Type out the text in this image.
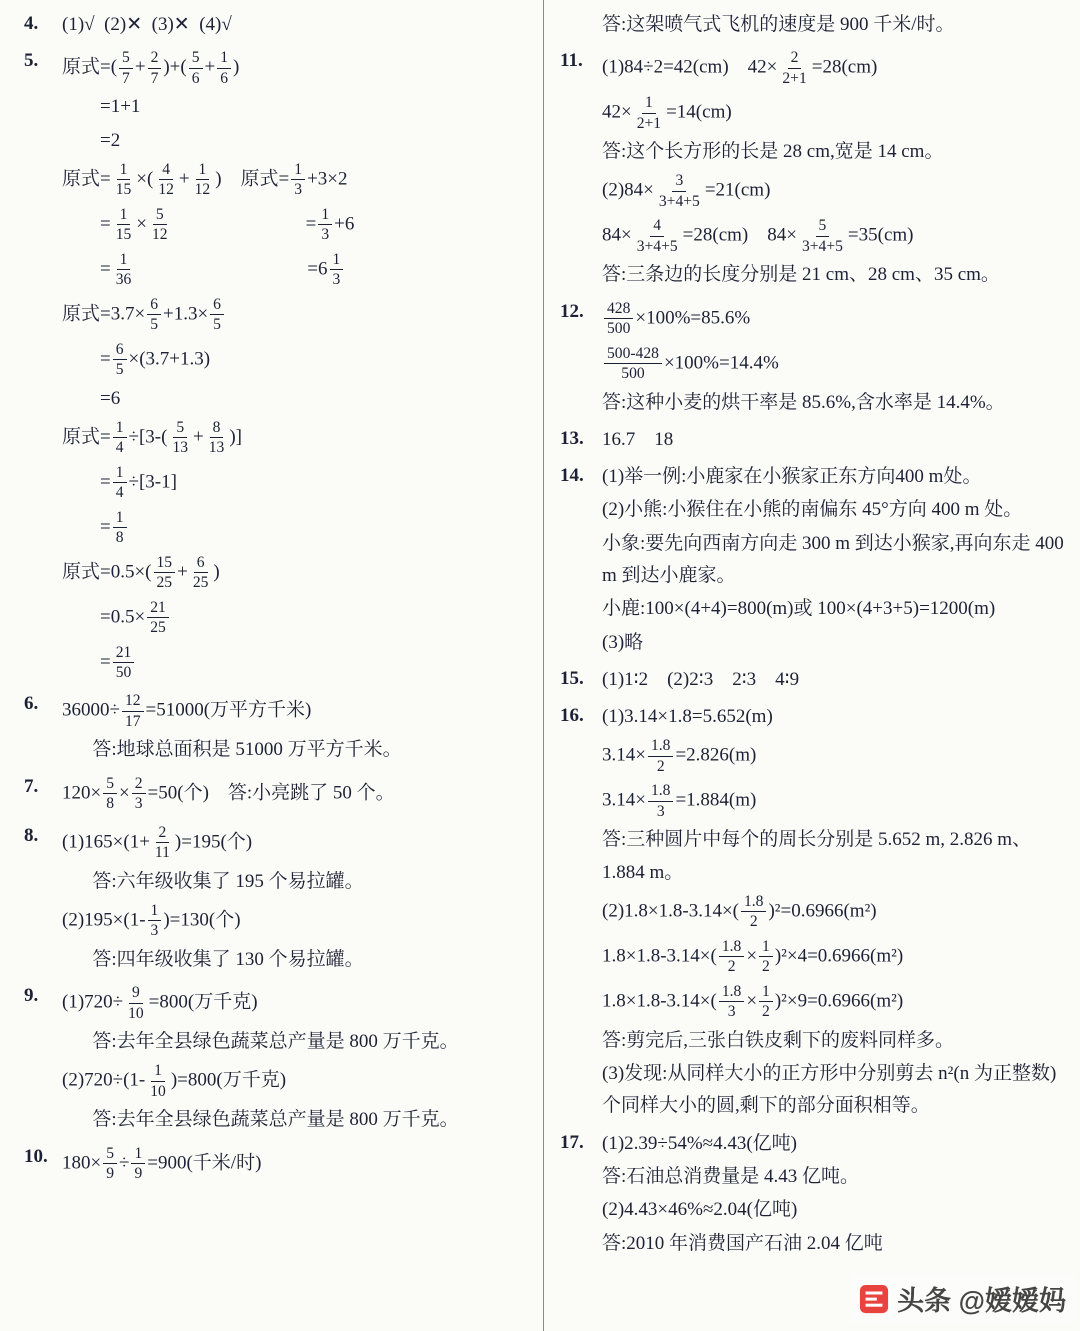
4.	(1)√ (2)✕ (3)✕ (4)√
5.	原式=( $\frac{5}{7} + \frac{2}{7}$ )+( $\frac{5}{6} + \frac{1}{6}$ )
=1+1
=2
原式= $\frac{1}{15}$ ×( $\frac{4}{12} + \frac{1}{12}$ ) 原式= $\frac{1}{3} +3\times 2$
= $\frac{1}{15} \times \frac{5}{12}$        = $\frac{1}{3} +6$
= $\frac{1}{36}$          $=6 \frac{1}{3}$
原式$=3.7\times \frac{6}{5} +1.3\times \frac{6}{5}$
= $\frac{6}{5} \times(3.7+1.3)$
=6
原式= $\frac{1}{4} \div[3-( \frac{5}{13} + \frac{8}{13}$ )]
= $\frac{1}{4} \div[3-1]$
= $\frac{1}{8}$
原式$=0.5\times( \frac{15}{25} + \frac{6}{25}$ )
$=0.5\times \frac{21}{25}$
= $\frac{21}{50}$
6.	$36000\div \frac{12}{17} =51000$(万平方千米)
答:地球总面积是 51000 万平方千米。
7.	$120\times \frac{5}{8} \times \frac{2}{3} =50$(个) 答:小亮跳了 50 个。
8.	$(1)165\times(1+ \frac{2}{11} )=195$(个)
答:六年级收集了 195 个易拉罐。
$(2)195\times(1- \frac{1}{3} )=130$(个)
答:四年级收集了 130 个易拉罐。
9.	$(1)720\div \frac{9}{10} =800$(万千克)
答:去年全县绿色蔬菜总产量是 800 万千克。
$(2)720\div(1- \frac{1}{10} )=800$(万千克)
答:去年全县绿色蔬菜总产量是 800 万千克。
10. $180\times \frac{5}{9} \div \frac{1}{9} =900$(千米/时)
答:这架喷气式飞机的速度是 900 千米/时。
11.	(1)84÷2=42(cm) $42\times \frac{2}{2+1} =28(cm)$
$42\times \frac{1}{2+1} =14(cm)$
答:这个长方形的长是 28 cm,宽是 14 cm。
$(2)84\times \frac{3}{3+4+5} =21(cm)$
$84\times \frac{4}{3+4+5} =28(cm)$ $84\times \frac{5}{3+4+5} =35(cm)$
答:三条边的长度分别是 21 cm、28 cm、35 cm。
12.	$\frac{428}{500} \times 100\%=85.6\%$
$\frac{500-428}{500} \times 100\%=14.4\%$
答:这种小麦的烘干率是 85.6%,含水率是 14.4%。
13. 16.7 18
14. (1)举一例:小鹿家在小猴家正东方向400 m处。
(2)小熊:小猴住在小熊的南偏东 45°方向 400 m 处。
小象:要先向西南方向走 300 m 到达小猴家,再向东走 400 m 到达小鹿家。
小鹿:100×(4+4)=800(m)或 100×(4+3+5)=1200(m)
(3)略
15. (1)1∶2 (2)2∶3 2∶3 4∶9
16. (1)3.14×1.8=5.652(m)
$3.14\times \frac{1.8}{2} =2.826(m)$
$3.14\times \frac{1.8}{3} =1.884(m)$
答:三种圆片中每个的周长分别是 5.652 m, 2.826 m、1.884 m。
$(2)1.8\times 1.8-3.14\times( \frac{1.8}{2} )^2=0.6966(m^2)$
$1.8\times 1.8-3.14\times( \frac{1.8}{2} \times \frac{1}{2} )^2\times 4=0.6966(m^2)$
$1.8\times 1.8-3.14\times( \frac{1.8}{3} \times \frac{1}{2} )^2\times 9=0.6966(m^2)$
答:剪完后,三张白铁皮剩下的废料同样多。
(3)发现:从同样大小的正方形中分别剪去 n²(n 为正整数)个同样大小的圆,剩下的部分面积相等。
17. (1)2.39÷54%≈4.43(亿吨)
答:石油总消费量是 4.43 亿吨。
(2)4.43×46%≈2.04(亿吨)
答:2010 年消费国产石油 2.04 亿吨
头条 @嫒嫒妈
